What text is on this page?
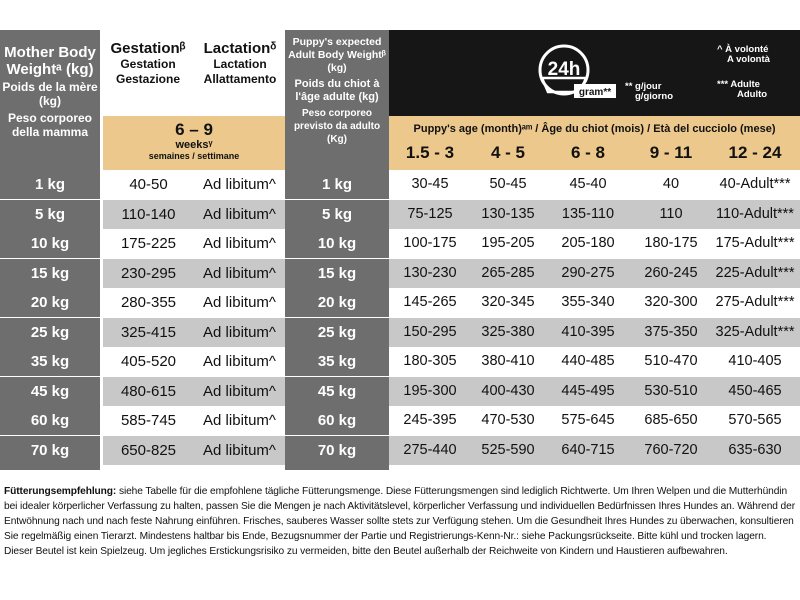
Mother Body Weightᵃ (kg)
Poids de la mère (kg)
Peso corporeo della mamma
Gestationᵝ
Gestation
Gestazione
Lactationᵟ
Lactation
Allattamento
6 – 9
weeksᵞ
semaines / settimane
Puppy's expected Adult Body Weightᵝ (kg)
Poids du chiot à l'âge adulte (kg)
Peso corporeo previsto da adulto (Kg)
24h
gram**
** g/jour
g/giorno
^ À volonté
A volontà
*** Adulte
Adulto
Puppy's age (month)ᵃᵐ / Âge du chiot (mois) / Età del cucciolo (mese)
1.5 - 3	4 - 5	6 - 8	9 - 11	12 - 24
1 kg	40-50	Ad libitum^	1 kg	30-45	50-45	45-40	40	40-Adult***
5 kg	110-140	Ad libitum^	5 kg	75-125	130-135	135-110	110	110-Adult***
10 kg	175-225	Ad libitum^	10 kg	100-175	195-205	205-180	180-175	175-Adult***
15 kg	230-295	Ad libitum^	15 kg	130-230	265-285	290-275	260-245	225-Adult***
20 kg	280-355	Ad libitum^	20 kg	145-265	320-345	355-340	320-300	275-Adult***
25 kg	325-415	Ad libitum^	25 kg	150-295	325-380	410-395	375-350	325-Adult***
35 kg	405-520	Ad libitum^	35 kg	180-305	380-410	440-485	510-470	410-405
45 kg	480-615	Ad libitum^	45 kg	195-300	400-430	445-495	530-510	450-465
60 kg	585-745	Ad libitum^	60 kg	245-395	470-530	575-645	685-650	570-565
70 kg	650-825	Ad libitum^	70 kg	275-440	525-590	640-715	760-720	635-630

Fütterungsempfehlung: siehe Tabelle für die empfohlene tägliche Fütterungsmenge. Diese Fütterungsmengen sind lediglich Richtwerte. Um Ihren Welpen und die Mutterhündin bei idealer körperlicher Verfassung zu halten, passen Sie die Mengen je nach Aktivitätslevel, körperlicher Verfassung und individuellen Bedürfnissen Ihres Hundes an. Während der Entwöhnung nach und nach feste Nahrung einführen. Frisches, sauberes Wasser sollte stets zur Verfügung stehen. Um die Gesundheit Ihres Hundes zu überwachen, konsultieren Sie regelmäßig einen Tierarzt. Mindestens haltbar bis Ende, Bezugsnummer der Partie und Registrierungs-Kenn-Nr.: siehe Packungsrückseite. Bitte kühl und trocken lagern. Dieser Beutel ist kein Spielzeug. Um jegliches Erstickungsrisiko zu vermeiden, bitte den Beutel außerhalb der Reichweite von Kindern und Haustieren aufbewahren.
